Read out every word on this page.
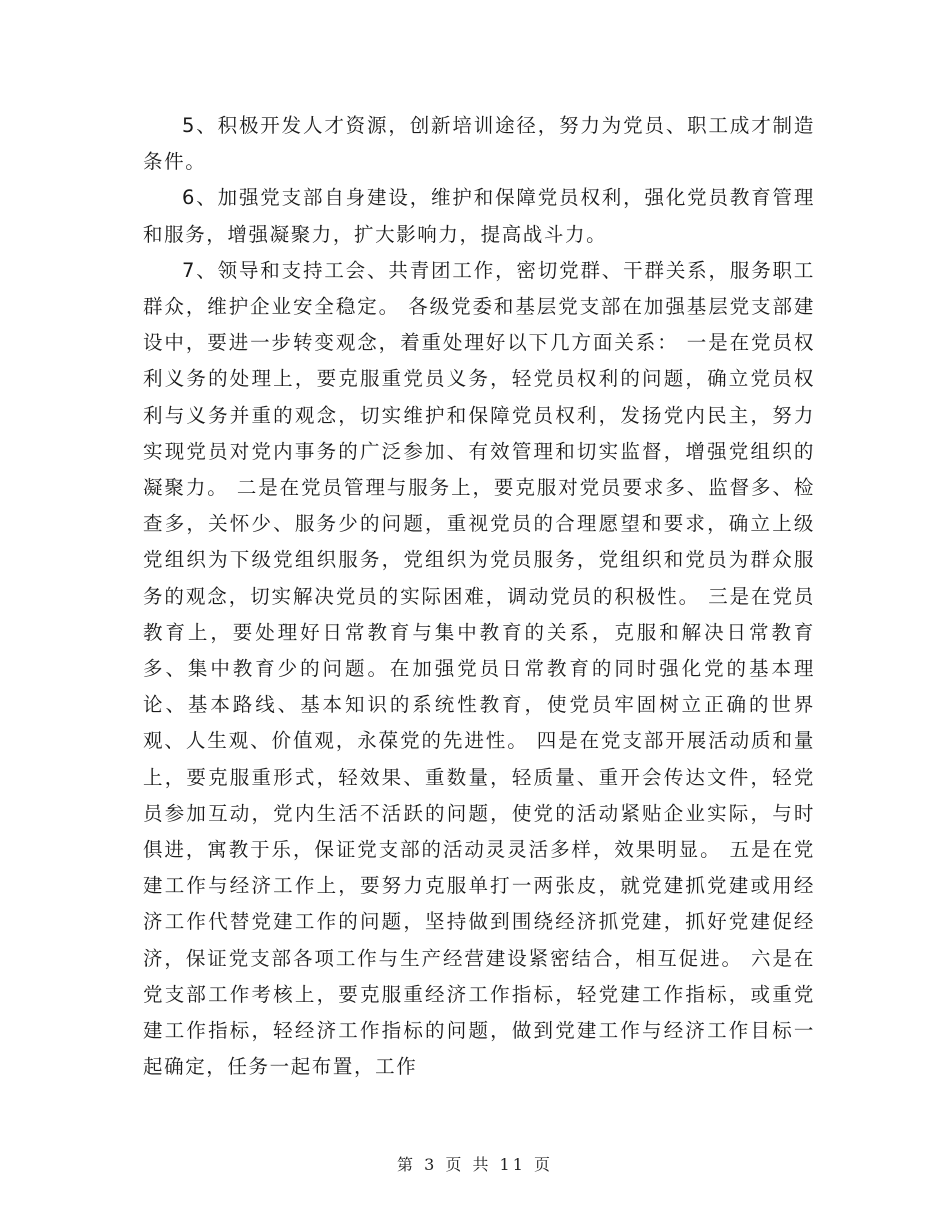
5、积极开发人才资源，创新培训途径，努力为党员、职工成才制造条件。

6、加强党支部自身建设，维护和保障党员权利，强化党员教育管理和服务，增强凝聚力，扩大影响力，提高战斗力。

7、领导和支持工会、共青团工作，密切党群、干群关系，服务职工群众，维护企业安全稳定。 各级党委和基层党支部在加强基层党支部建设中，要进一步转变观念，着重处理好以下几方面关系： 一是在党员权利义务的处理上，要克服重党员义务，轻党员权利的问题，确立党员权利与义务并重的观念，切实维护和保障党员权利，发扬党内民主，努力实现党员对党内事务的广泛参加、有效管理和切实监督，增强党组织的凝聚力。 二是在党员管理与服务上，要克服对党员要求多、监督多、检查多，关怀少、服务少的问题，重视党员的合理愿望和要求，确立上级党组织为下级党组织服务，党组织为党员服务，党组织和党员为群众服务的观念，切实解决党员的实际困难，调动党员的积极性。 三是在党员教育上，要处理好日常教育与集中教育的关系，克服和解决日常教育多、集中教育少的问题。在加强党员日常教育的同时强化党的基本理论、基本路线、基本知识的系统性教育，使党员牢固树立正确的世界观、人生观、价值观，永葆党的先进性。 四是在党支部开展活动质和量上，要克服重形式，轻效果、重数量，轻质量、重开会传达文件，轻党员参加互动，党内生活不活跃的问题，使党的活动紧贴企业实际，与时俱进，寓教于乐，保证党支部的活动灵灵活多样，效果明显。 五是在党建工作与经济工作上，要努力克服单打一两张皮，就党建抓党建或用经济工作代替党建工作的问题，坚持做到围绕经济抓党建，抓好党建促经济，保证党支部各项工作与生产经营建设紧密结合，相互促进。 六是在党支部工作考核上，要克服重经济工作指标，轻党建工作指标，或重党建工作指标，轻经济工作指标的问题，做到党建工作与经济工作目标一起确定，任务一起布置，工作

第 3 页 共 11 页
